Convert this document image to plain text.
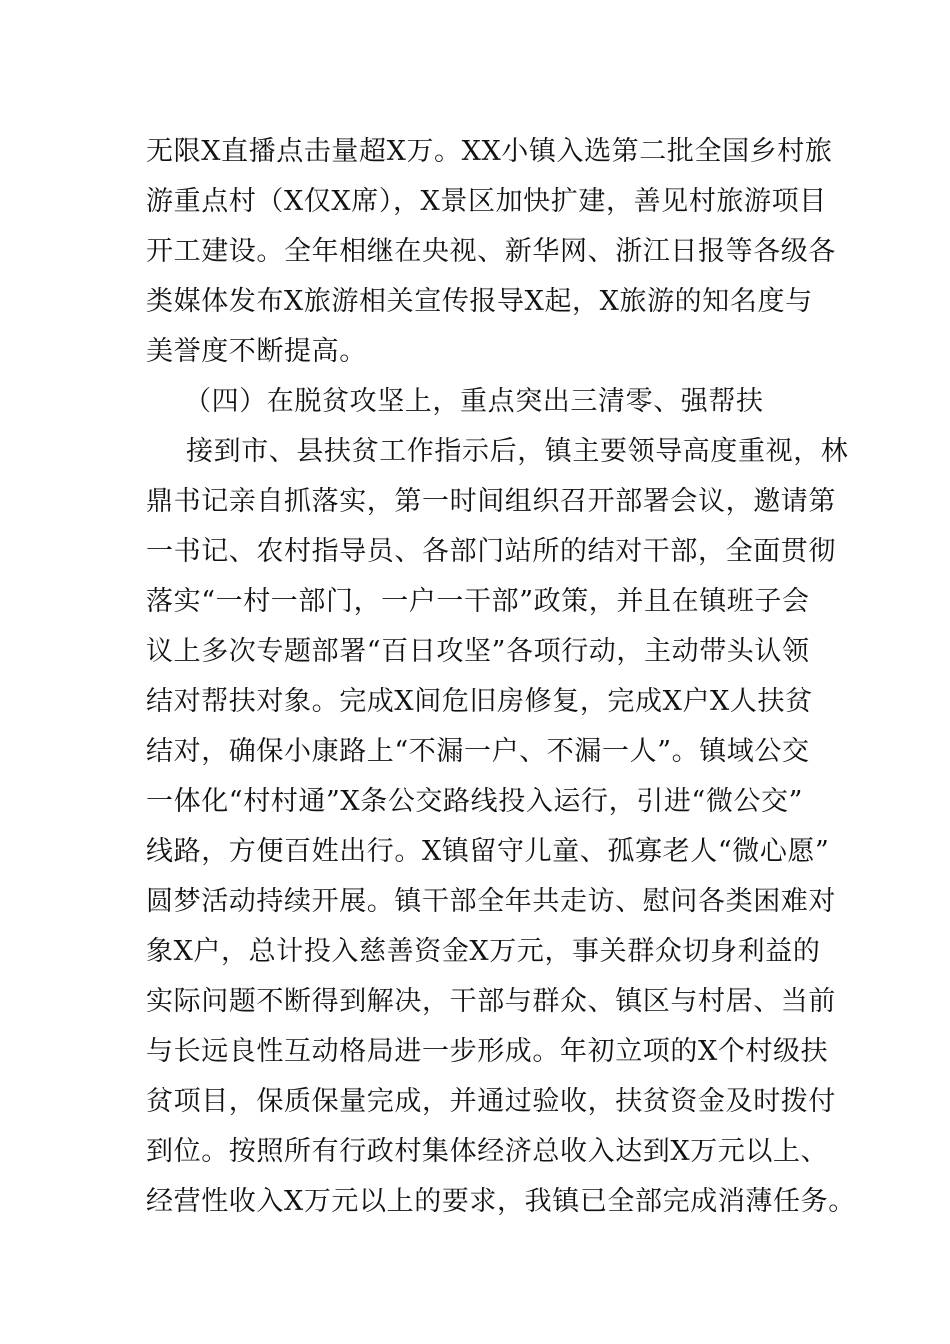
无限X直播点击量超X万。XX小镇入选第二批全国乡村旅
游重点村（X仅X席），X景区加快扩建，善见村旅游项目
开工建设。全年相继在央视、新华网、浙江日报等各级各
类媒体发布X旅游相关宣传报导X起，X旅游的知名度与
美誉度不断提高。
（四）在脱贫攻坚上，重点突出三清零、强帮扶
接到市、县扶贫工作指示后，镇主要领导高度重视，林
鼎书记亲自抓落实，第一时间组织召开部署会议，邀请第
一书记、农村指导员、各部门站所的结对干部，全面贯彻
落实“一村一部门，一户一干部”政策，并且在镇班子会
议上多次专题部署“百日攻坚”各项行动，主动带头认领
结对帮扶对象。完成X间危旧房修复，完成X户X人扶贫
结对，确保小康路上“不漏一户、不漏一人”。镇域公交
一体化“村村通”X条公交路线投入运行，引进“微公交”
线路，方便百姓出行。X镇留守儿童、孤寡老人“微心愿”
圆梦活动持续开展。镇干部全年共走访、慰问各类困难对
象X户，总计投入慈善资金X万元，事关群众切身利益的
实际问题不断得到解决，干部与群众、镇区与村居、当前
与长远良性互动格局进一步形成。年初立项的X个村级扶
贫项目，保质保量完成，并通过验收，扶贫资金及时拨付
到位。按照所有行政村集体经济总收入达到X万元以上、
经营性收入X万元以上的要求，我镇已全部完成消薄任务。
